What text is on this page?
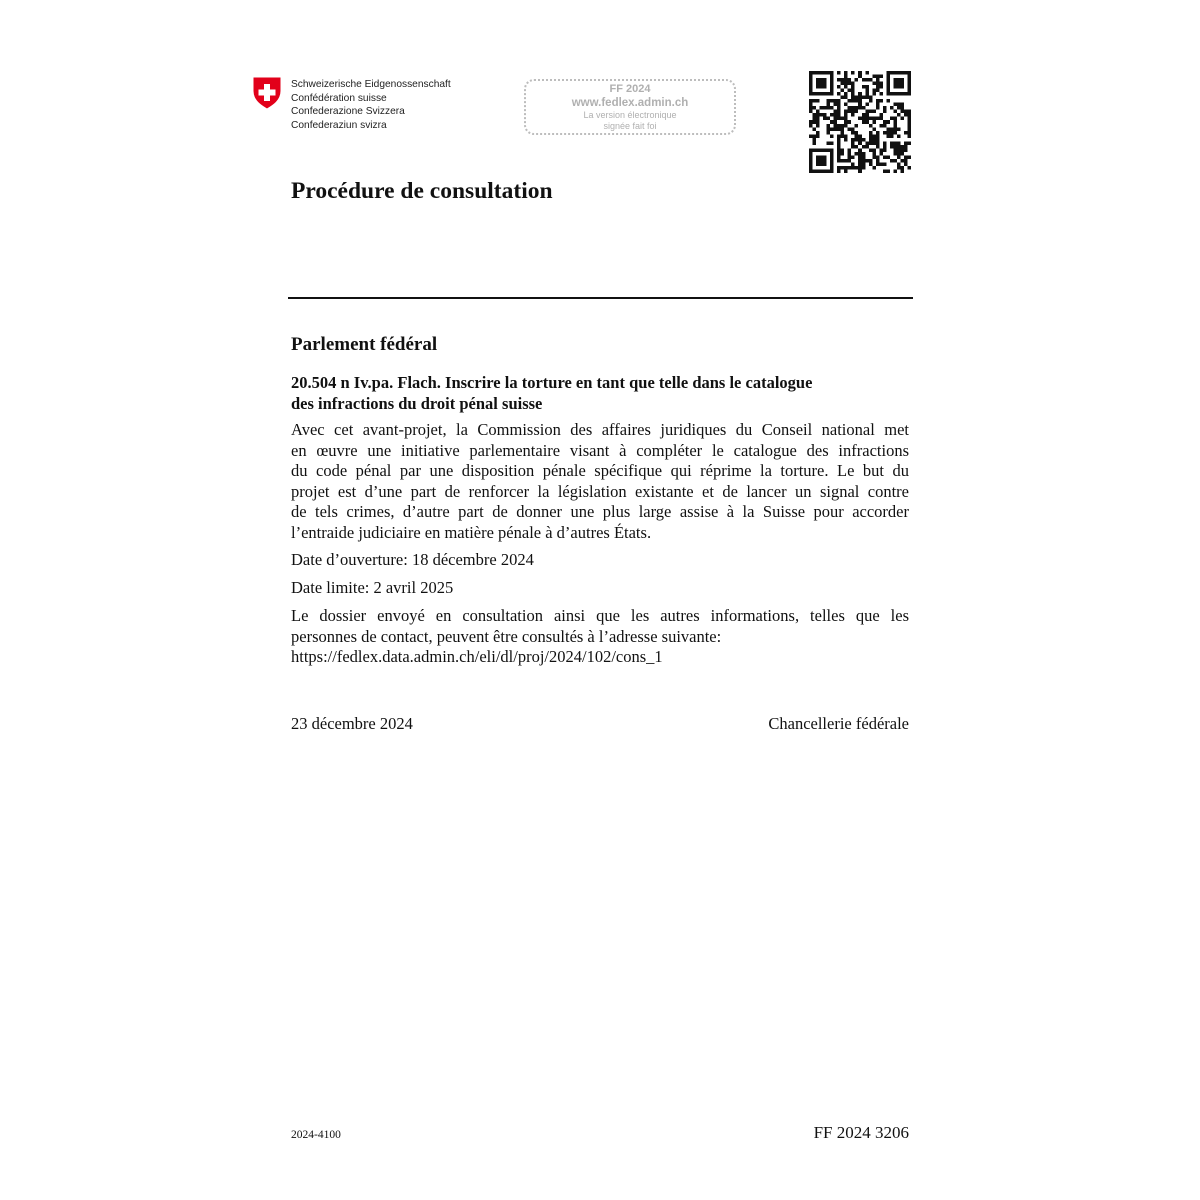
Schweizerische Eidgenossenschaft
Confédération suisse
Confederazione Svizzera
Confederaziun svizra
FF 2024
www.fedlex.admin.ch
La version électronique
signée fait foi
Procédure de consultation
Parlement fédéral
20.504 n Iv.pa. Flach. Inscrire la torture en tant que telle dans le catalogue
des infractions du droit pénal suisse
Avec cet avant-projet, la Commission des affaires juridiques du Conseil national met
en œuvre une initiative parlementaire visant à compléter le catalogue des infractions
du code pénal par une disposition pénale spécifique qui réprime la torture. Le but du
projet est d’une part de renforcer la législation existante et de lancer un signal contre
de tels crimes, d’autre part de donner une plus large assise à la Suisse pour accorder
l’entraide judiciaire en matière pénale à d’autres États.
Date d’ouverture: 18 décembre 2024
Date limite: 2 avril 2025
Le dossier envoyé en consultation ainsi que les autres informations, telles que les
personnes de contact, peuvent être consultés à l’adresse suivante:
https://fedlex.data.admin.ch/eli/dl/proj/2024/102/cons_1
23 décembre 2024	Chancellerie fédérale
2024-4100	FF 2024 3206
